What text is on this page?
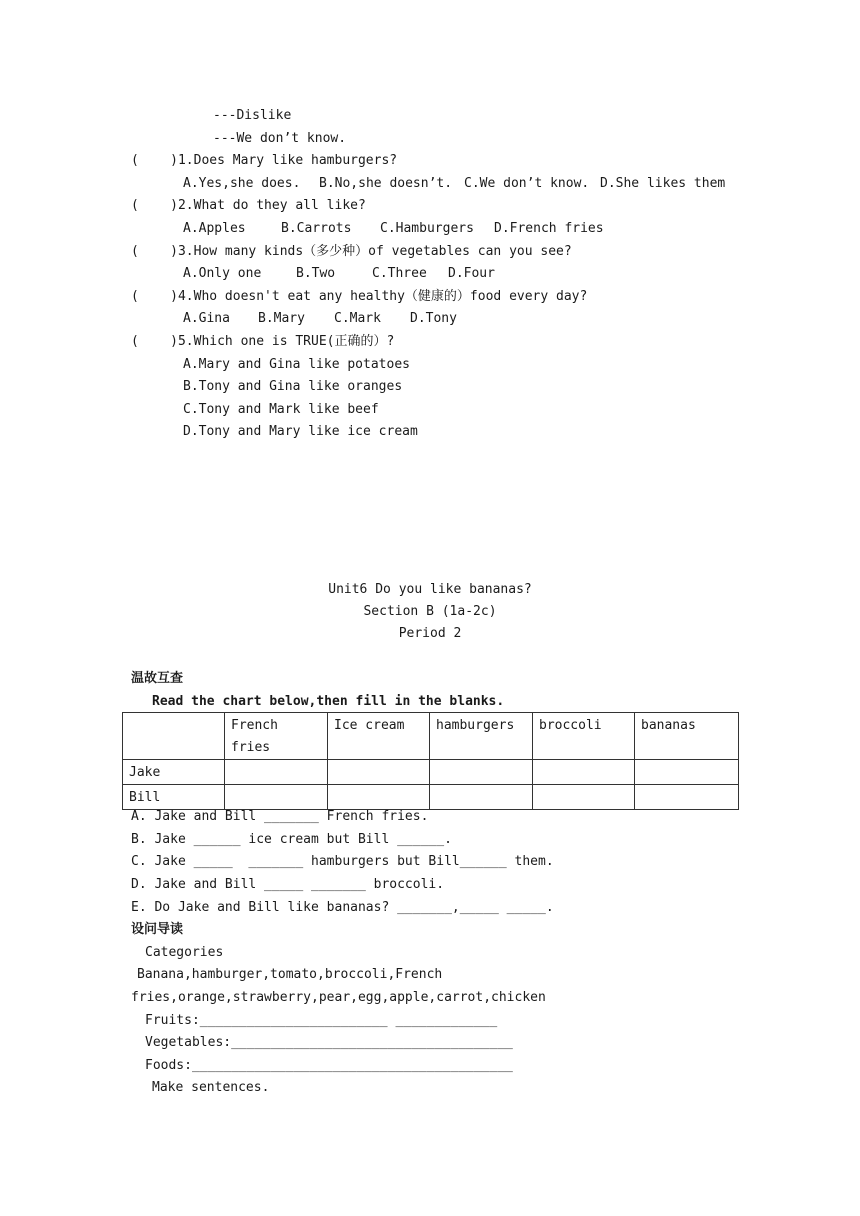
---Dislike
---We don’t know.
(    )1.Does Mary like hamburgers?
A.Yes,she does. B.No,she doesn’t. C.We don’t know. D.She likes them
(    )2.What do they all like?
A.Apples	B.Carrots C.Hamburgers D.French fries
(    )3.How many kinds（多少种）of vegetables can you see?
A.Only one	B.Two	C.Three D.Four
(    )4.Who doesn't eat any healthy（健康的）food every day?
A.Gina B.Mary C.Mark D.Tony
(    )5.Which one is TRUE(正确的）?
A.Mary and Gina like potatoes
B.Tony and Gina like oranges
C.Tony and Mark like beef
D.Tony and Mary like ice cream
Unit6 Do you like bananas?
Section B (1a-2c)
Period 2
温故互查
Read the chart below,then fill in the blanks.
	French fries	Ice cream	hamburgers	broccoli	bananas
Jake					
Bill					
A. Jake and Bill _______ French fries.
B. Jake ______ ice cream but Bill ______.
C. Jake _____  _______ hamburgers but Bill______ them.
D. Jake and Bill _____ _______ broccoli.
E. Do Jake and Bill like bananas? _______,_____ _____.
设问导读
Categories
Banana,hamburger,tomato,broccoli,French
fries,orange,strawberry,pear,egg,apple,carrot,chicken
Fruits:________________________ _____________
Vegetables:____________________________________
Foods:_________________________________________
Make sentences.
